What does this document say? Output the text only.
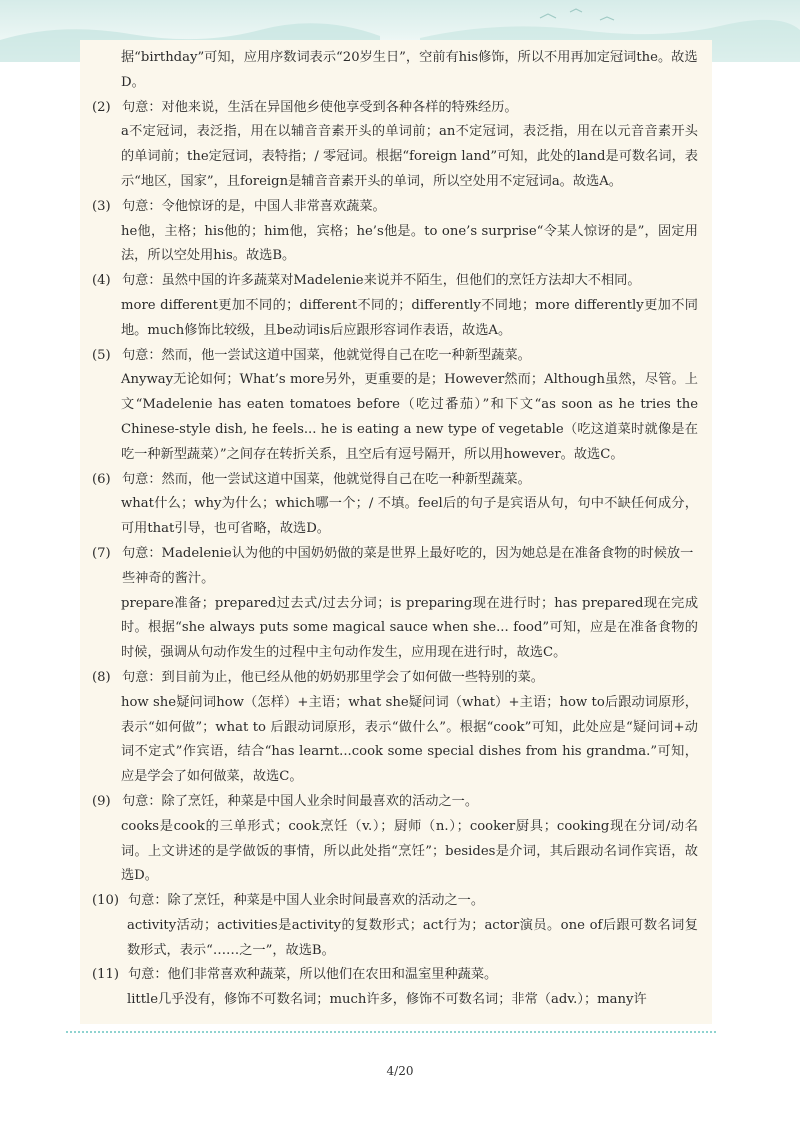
据“birthday”可知，应用序数词表示“20岁生日”，空前有his修饰，所以不用再加定冠词the。故选D。
(2) 句意：对他来说，生活在异国他乡使他享受到各种各样的特殊经历。
a不定冠词，表泛指，用在以辅音音素开头的单词前；an不定冠词，表泛指，用在以元音音素开头的单词前；the定冠词，表特指；/ 零冠词。根据“foreign land”可知，此处的land是可数名词，表示“地区，国家”，且foreign是辅音音素开头的单词，所以空处用不定冠词a。故选A。
(3) 句意：令他惊讶的是，中国人非常喜欢蔬菜。
he他，主格；his他的；him他，宾格；he’s他是。to one’s surprise“令某人惊讶的是”，固定用法，所以空处用his。故选B。
(4) 句意：虽然中国的许多蔬菜对Madelenie来说并不陌生，但他们的烹饪方法却大不相同。
more different更加不同的；different不同的；differently不同地；more differently更加不同地。much修饰比较级，且be动词is后应跟形容词作表语，故选A。
(5) 句意：然而，他一尝试这道中国菜，他就觉得自己在吃一种新型蔬菜。
Anyway无论如何；What’s more另外，更重要的是；However然而；Although虽然，尽管。上文“Madelenie has eaten tomatoes before（吃过番茄）”和下文“as soon as he tries the Chinese-style dish, he feels... he is eating a new type of vegetable（吃这道菜时就像是在吃一种新型蔬菜）”之间存在转折关系，且空后有逗号隔开，所以用however。故选C。
(6) 句意：然而，他一尝试这道中国菜，他就觉得自己在吃一种新型蔬菜。
what什么；why为什么；which哪一个；/ 不填。feel后的句子是宾语从句，句中不缺任何成分，可用that引导，也可省略，故选D。
(7) 句意：Madelenie认为他的中国奶奶做的菜是世界上最好吃的，因为她总是在准备食物的时候放一些神奇的酱汁。
prepare准备；prepared过去式/过去分词；is preparing现在进行时；has prepared现在完成时。根据“she always puts some magical sauce when she... food”可知，应是在准备食物的时候，强调从句动作发生的过程中主句动作发生，应用现在进行时，故选C。
(8) 句意：到目前为止，他已经从他的奶奶那里学会了如何做一些特别的菜。
how she疑问词how（怎样）+主语；what she疑问词（what）+主语；how to后跟动词原形，表示“如何做”；what to 后跟动词原形，表示“做什么”。根据“cook”可知，此处应是“疑问词+动词不定式”作宾语，结合“has learnt...cook some special dishes from his grandma.”可知，应是学会了如何做菜，故选C。
(9) 句意：除了烹饪，种菜是中国人业余时间最喜欢的活动之一。
cooks是cook的三单形式；cook烹饪（v.）；厨师（n.）；cooker厨具；cooking现在分词/动名词。上文讲述的是学做饭的事情，所以此处指“烹饪”；besides是介词，其后跟动名词作宾语，故选D。
(10) 句意：除了烹饪，种菜是中国人业余时间最喜欢的活动之一。
activity活动；activities是activity的复数形式；act行为；actor演员。one of后跟可数名词复数形式，表示“……之一”，故选B。
(11) 句意：他们非常喜欢种蔬菜，所以他们在农田和温室里种蔬菜。
little几乎没有，修饰不可数名词；much许多，修饰不可数名词；非常（adv.）；many许
4/20
